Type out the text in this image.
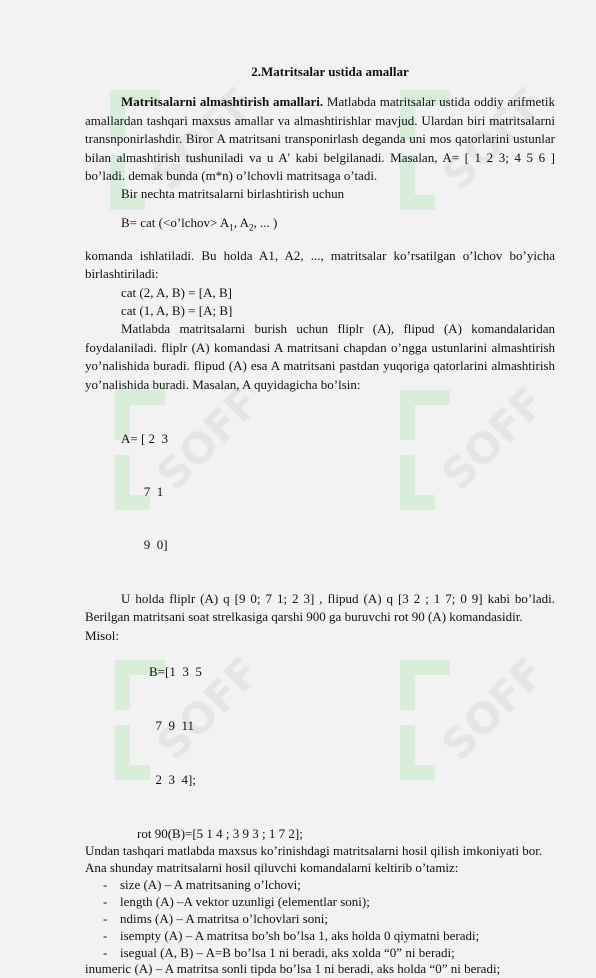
SOFF	SOFF
SOFF	SOFF
SOFF	SOFF

2.Matritsalar ustida amallar

Matritsalarni almashtirish amallari. Matlabda matritsalar ustida oddiy arifmetik amallardan tashqari maxsus amallar va almashtirishlar mavjud. Ulardan biri matritsalarni transnponirlashdir. Biror A matritsani transponirlash deganda uni mos qatorlarini ustunlar bilan almashtirish tushuniladi va u A' kabi belgilanadi. Masalan, A= [ 1 2 3; 4 5 6 ] bo’ladi. demak bunda (m*n) o’lchovli matritsaga o’tadi.

Bir nechta matritsalarni birlashtirish uchun

B= cat (<o’lchov> $A_1$, $A_2$, ... )

komanda ishlatiladi. Bu holda A1, A2, ..., matritsalar ko’rsatilgan o’lchov bo’yicha birlashtiriladi:

cat (2, A, B) = [A, B]

cat (1, A, B) = [A; B]

Matlabda matritsalarni burish uchun fliplr (A), flipud (A) komandalaridan foydalaniladi. fliplr (A) komandasi A matritsani chapdan o’ngga ustunlarini almashtirish yo’nalishida buradi. flipud (A) esa A matritsani pastdan yuqoriga qatorlarini almashtirish yo’nalishida buradi. Masalan, A quyidagicha bo’lsin:

A= [ 2  3

7  1

9  0]

U holda fliplr (A) q [9 0; 7 1; 2 3] , flipud (A) q [3 2 ; 1 7; 0 9] kabi bo’ladi. Berilgan matritsani soat strelkasiga qarshi 900 ga buruvchi rot 90 (A) komandasidir.

Misol:

B=[1  3  5

7  9  11

2  3  4];

rot 90(B)=[5 1 4 ; 3 9 3 ; 1 7 2];

Undan tashqari matlabda maxsus ko’rinishdagi matritsalarni hosil qilish imkoniyati bor. Ana shunday matritsalarni hosil qiluvchi komandalarni keltirib o’tamiz:

- size (A) – A matritsaning o’lchovi;
- length (A) –A vektor uzunligi (elementlar soni);
- ndims (A) – A matritsa o’lchovlari soni;
- isempty (A) – A matritsa bo’sh bo’lsa 1, aks holda 0 qiymatni beradi;
- isegual (A, B) – A=B bo’lsa 1 ni beradi, aks xolda “0” ni beradi;

inumeric (A) – A matritsa sonli tipda bo’lsa 1 ni beradi, aks holda “0” ni beradi;
